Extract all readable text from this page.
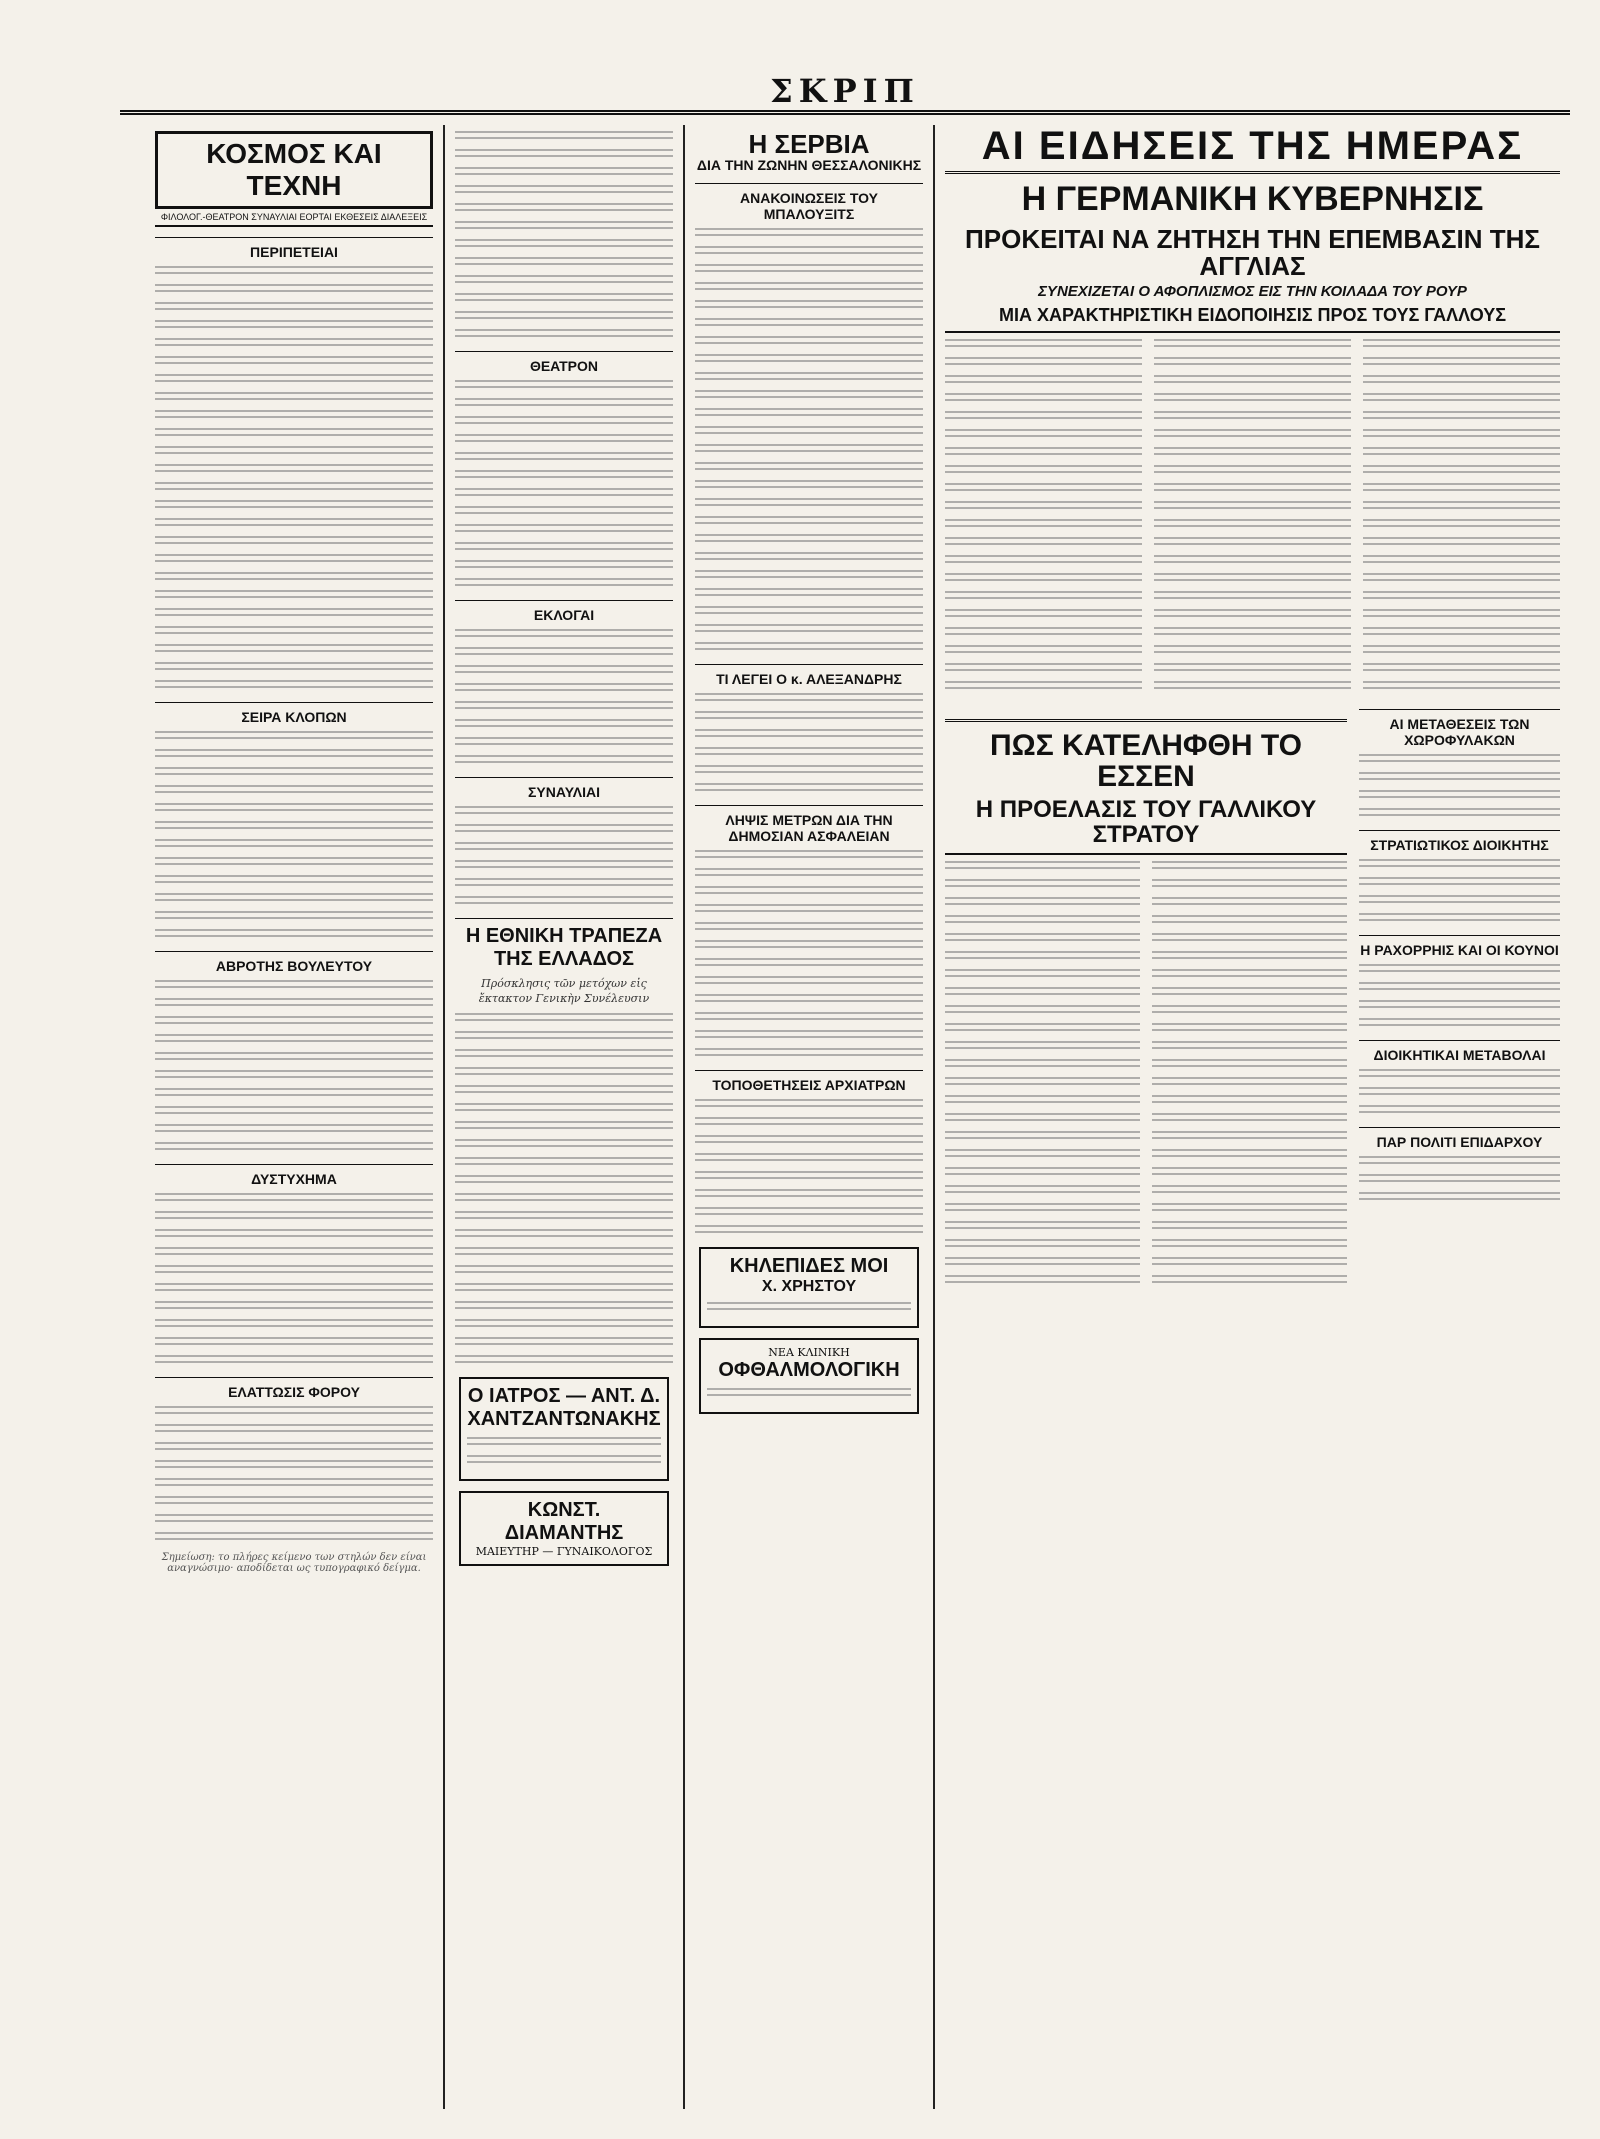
ΣΚΡΙΠ
ΚΟΣΜΟΣ ΚΑΙ ΤΕΧΝΗ
ΦΙΛΟΛΟΓ.-ΘΕΑΤΡΟΝ ΣΥΝΑΥΛΙΑΙ ΕΟΡΤΑΙ ΕΚΘΕΣΕΙΣ ΔΙΑΛΕΞΕΙΣ
ΠΕΡΙΠΕΤΕΙΑΙ
ΣΕΙΡΑ ΚΛΟΠΩΝ
ΑΒΡΟΤΗΣ ΒΟΥΛΕΥΤΟΥ
ΔΥΣΤΥΧΗΜΑ
ΕΛΑΤΤΩΣΙΣ ΦΟΡΟΥ
Σημείωση: το πλήρες κείμενο των στηλών δεν είναι αναγνώσιμο· αποδίδεται ως τυπογραφικό δείγμα.
ΘΕΑΤΡΟΝ
ΕΚΛΟΓΑΙ
ΣΥΝΑΥΛΙΑΙ
Η ΕΘΝΙΚΗ ΤΡΑΠΕΖΑ ΤΗΣ ΕΛΛΑΔΟΣ
Πρόσκλησις τῶν μετόχων εἰς ἔκτακτον Γενικὴν Συνέλευσιν
Ο ΙΑΤΡΟΣ — ΑΝΤ. Δ. ΧΑΝΤΖΑΝΤΩΝΑΚΗΣ
ΚΩΝΣΤ. ΔΙΑΜΑΝΤΗΣ
ΜΑΙΕΥΤΗΡ — ΓΥΝΑΙΚΟΛΟΓΟΣ
Η ΣΕΡΒΙΑ
ΔΙΑ ΤΗΝ ΖΩΝΗΝ ΘΕΣΣΑΛΟΝΙΚΗΣ
ΑΝΑΚΟΙΝΩΣΕΙΣ ΤΟΥ ΜΠΑΛΟΥΞΙΤΣ
ΤΙ ΛΕΓΕΙ Ο κ. ΑΛΕΞΑΝΔΡΗΣ
ΛΗΨΙΣ ΜΕΤΡΩΝ ΔΙΑ ΤΗΝ ΔΗΜΟΣΙΑΝ ΑΣΦΑΛΕΙΑΝ
ΤΟΠΟΘΕΤΗΣΕΙΣ ΑΡΧΙΑΤΡΩΝ
ΚΗΛΕΠΙΔΕΣ ΜΟΙ
Χ. ΧΡΗΣΤΟΥ
ΝΕΑ ΚΛΙΝΙΚΗ
ΟΦΘΑΛΜΟΛΟΓΙΚΗ
ΑΙ ΕΙΔΗΣΕΙΣ ΤΗΣ ΗΜΕΡΑΣ
Η ΓΕΡΜΑΝΙΚΗ ΚΥΒΕΡΝΗΣΙΣ
ΠΡΟΚΕΙΤΑΙ ΝΑ ΖΗΤΗΣΗ ΤΗΝ ΕΠΕΜΒΑΣΙΝ ΤΗΣ ΑΓΓΛΙΑΣ
ΣΥΝΕΧΙΖΕΤΑΙ Ο ΑΦΟΠΛΙΣΜΟΣ ΕΙΣ ΤΗΝ ΚΟΙΛΑΔΑ ΤΟΥ ΡΟΥΡ
ΜΙΑ ΧΑΡΑΚΤΗΡΙΣΤΙΚΗ ΕΙΔΟΠΟΙΗΣΙΣ ΠΡΟΣ ΤΟΥΣ ΓΑΛΛΟΥΣ
ΠΩΣ ΚΑΤΕΛΗΦΘΗ ΤΟ ΕΣΣΕΝ
Η ΠΡΟΕΛΑΣΙΣ ΤΟΥ ΓΑΛΛΙΚΟΥ ΣΤΡΑΤΟΥ
ΑΙ ΜΕΤΑΘΕΣΕΙΣ ΤΩΝ ΧΩΡΟΦΥΛΑΚΩΝ
ΣΤΡΑΤΙΩΤΙΚΟΣ ΔΙΟΙΚΗΤΗΣ
Η ΡΑΧΟΡΡΗΙΣ ΚΑΙ ΟΙ ΚΟΥΝΟΙ
ΔΙΟΙΚΗΤΙΚΑΙ ΜΕΤΑΒΟΛΑΙ
ΠΑΡ ΠΟΛΙΤΙ ΕΠΙΔΑΡΧΟΥ
